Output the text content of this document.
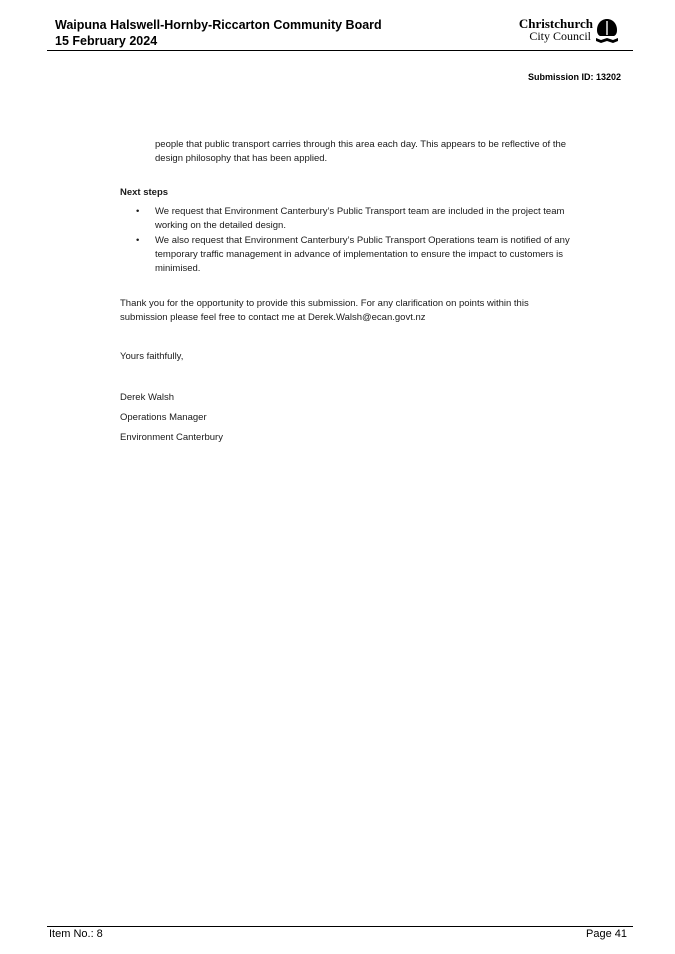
Waipuna Halswell-Hornby-Riccarton Community Board
15 February 2024
Christchurch
City Council
Submission ID: 13202
people that public transport carries through this area each day. This appears to be reflective of the design philosophy that has been applied.
Next steps
• We request that Environment Canterbury’s Public Transport team are included in the project team working on the detailed design.
• We also request that Environment Canterbury’s Public Transport Operations team is notified of any temporary traffic management in advance of implementation to ensure the impact to customers is minimised.
Thank you for the opportunity to provide this submission. For any clarification on points within this submission please feel free to contact me at Derek.Walsh@ecan.govt.nz
Yours faithfully,
Derek Walsh
Operations Manager
Environment Canterbury
Item No.: 8	Page 41
